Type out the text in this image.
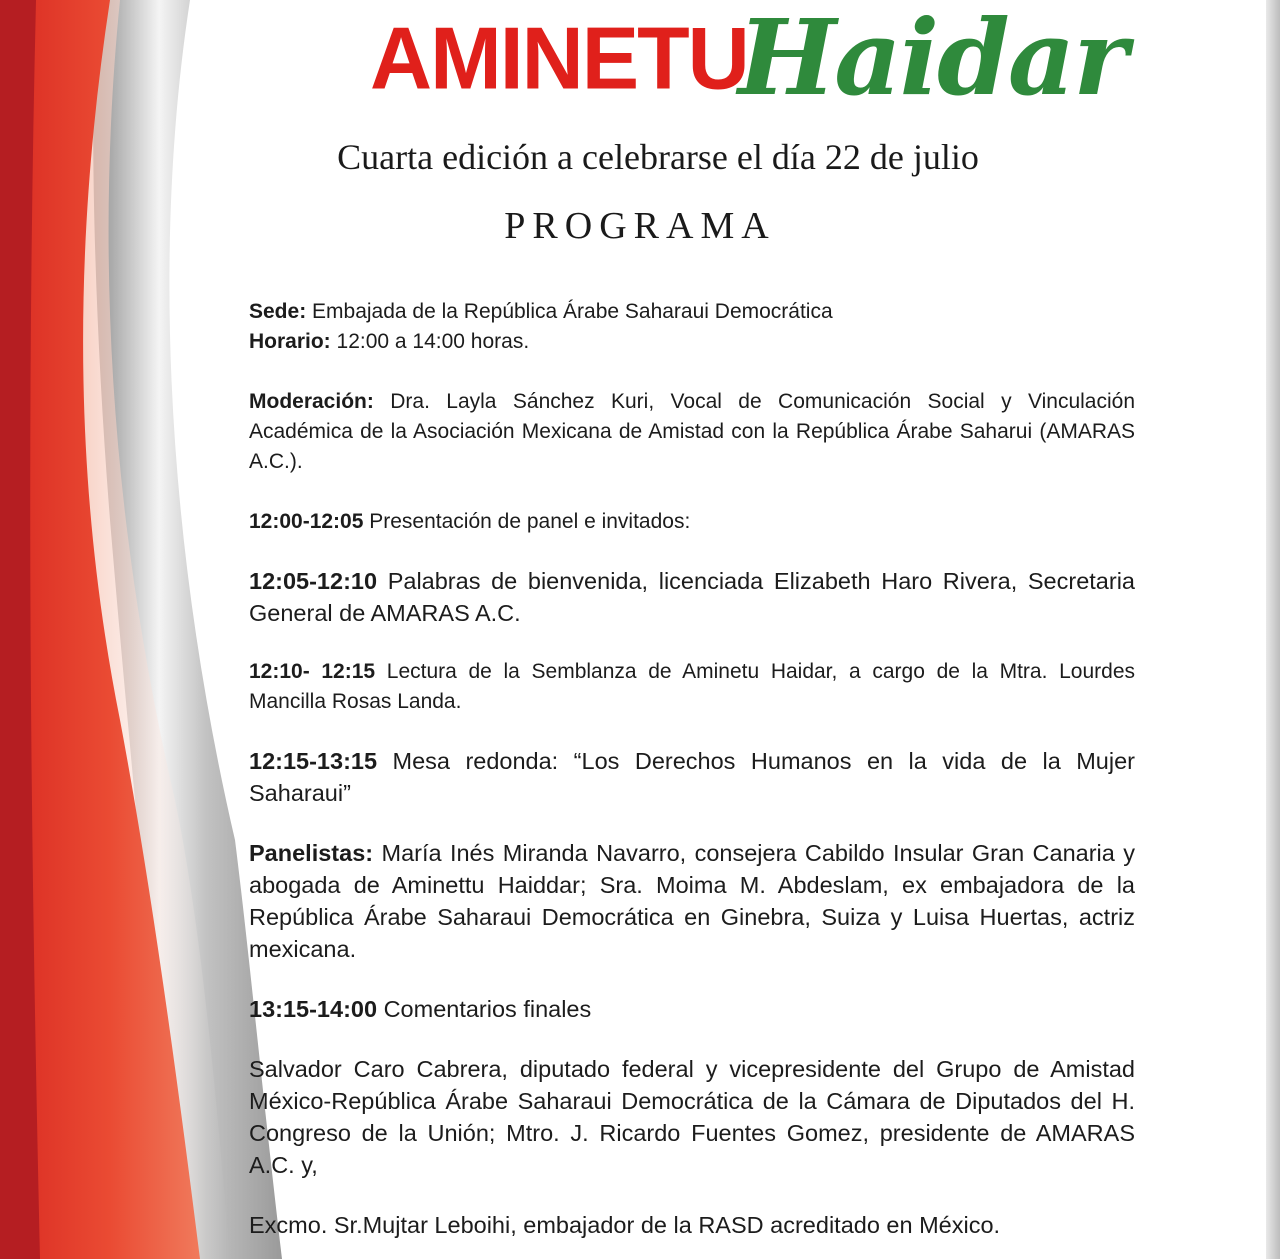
AMINETU
Haidar
Cuarta edición a celebrarse el día 22 de julio
PROGRAMA
Sede: Embajada de la República Árabe Saharaui Democrática
Horario: 12:00 a 14:00 horas.
Moderación: Dra. Layla Sánchez Kuri, Vocal de Comunicación Social y Vinculación Académica de la Asociación Mexicana de Amistad con la República Árabe Saharui (AMARAS A.C.).
12:00-12:05 Presentación de panel e invitados:
12:05-12:10 Palabras de bienvenida, licenciada Elizabeth Haro Rivera, Secretaria General de AMARAS A.C.
12:10- 12:15 Lectura de la Semblanza de Aminetu Haidar, a cargo de la Mtra. Lourdes Mancilla Rosas Landa.
12:15-13:15 Mesa redonda: “Los Derechos Humanos en la vida de la Mujer Saharaui”
Panelistas: María Inés Miranda Navarro, consejera Cabildo Insular Gran Canaria y abogada de Aminettu Haiddar; Sra. Moima M. Abdeslam, ex embajadora de la República Árabe Saharaui Democrática en Ginebra, Suiza y Luisa Huertas, actriz mexicana.
13:15-14:00 Comentarios finales
Salvador Caro Cabrera, diputado federal y vicepresidente del Grupo de Amistad México-República Árabe Saharaui Democrática de la Cámara de Diputados del H. Congreso de la Unión; Mtro. J. Ricardo Fuentes Gomez, presidente de AMARAS A.C. y,
Excmo. Sr.Mujtar Leboihi, embajador de la RASD acreditado en México.
